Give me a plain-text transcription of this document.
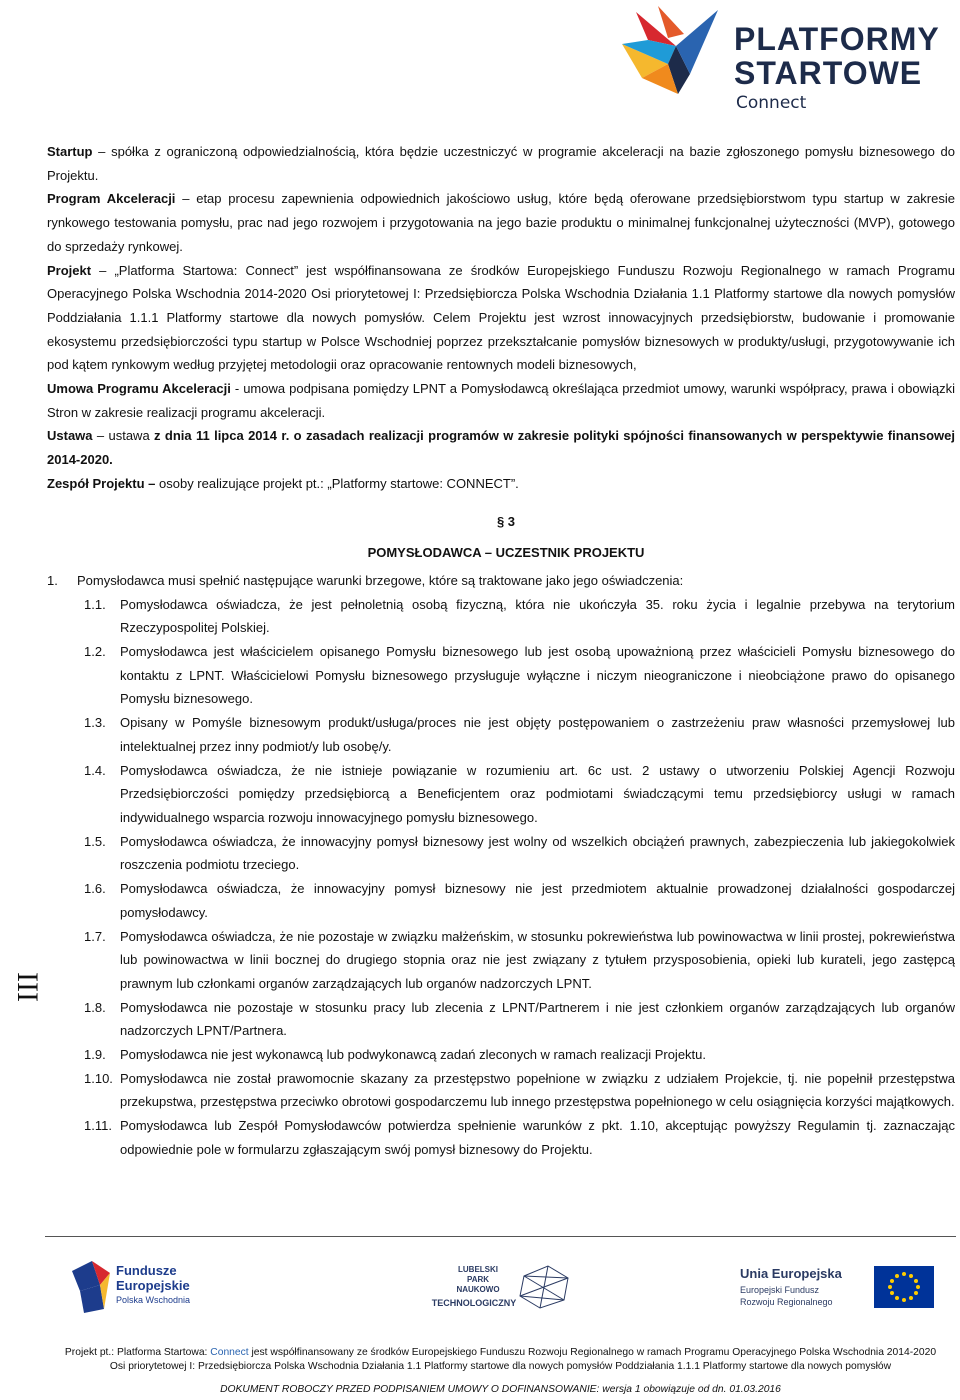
PLATFORMY
STARTOWE
Connect

Startup – spółka z ograniczoną odpowiedzialnością, która będzie uczestniczyć w programie akceleracji na bazie zgłoszonego pomysłu biznesowego do Projektu.

Program Akceleracji – etap procesu zapewnienia odpowiednich jakościowo usług, które będą oferowane przedsiębiorstwom typu startup w zakresie rynkowego testowania pomysłu, prac nad jego rozwojem i przygotowania na jego bazie produktu o minimalnej funkcjonalnej użyteczności (MVP), gotowego do sprzedaży rynkowej.

Projekt – „Platforma Startowa: Connect” jest współfinansowana ze środków Europejskiego Funduszu Rozwoju Regionalnego w ramach Programu Operacyjnego Polska Wschodnia 2014-2020 Osi priorytetowej I: Przedsiębiorcza Polska Wschodnia Działania 1.1 Platformy startowe dla nowych pomysłów Poddziałania 1.1.1 Platformy startowe dla nowych pomysłów. Celem Projektu jest wzrost innowacyjnych przedsiębiorstw, budowanie i promowanie ekosystemu przedsiębiorczości typu startup w Polsce Wschodniej poprzez przekształcanie pomysłów biznesowych w produkty/usługi, przygotowywanie ich pod kątem rynkowym według przyjętej metodologii oraz opracowanie rentownych modeli biznesowych,

Umowa Programu Akceleracji - umowa podpisana pomiędzy LPNT a Pomysłodawcą określająca przedmiot umowy, warunki współpracy, prawa i obowiązki Stron w zakresie realizacji programu akceleracji.

Ustawa – ustawa z dnia 11 lipca 2014 r. o zasadach realizacji programów w zakresie polityki spójności finansowanych w perspektywie finansowej 2014-2020.

Zespół Projektu – osoby realizujące projekt pt.: „Platformy startowe: CONNECT”.

§ 3
POMYSŁODAWCA – UCZESTNIK PROJEKTU
1. Pomysłodawca musi spełnić następujące warunki brzegowe, które są traktowane jako jego oświadczenia:
1.1. Pomysłodawca oświadcza, że jest pełnoletnią osobą fizyczną, która nie ukończyła 35. roku życia i legalnie przebywa na terytorium Rzeczypospolitej Polskiej.
1.2. Pomysłodawca jest właścicielem opisanego Pomysłu biznesowego lub jest osobą upoważnioną przez właścicieli Pomysłu biznesowego do kontaktu z LPNT. Właścicielowi Pomysłu biznesowego przysługuje wyłączne i niczym nieograniczone i nieobciążone prawo do opisanego Pomysłu biznesowego.
1.3. Opisany w Pomyśle biznesowym produkt/usługa/proces nie jest objęty postępowaniem o zastrzeżeniu praw własności przemysłowej lub intelektualnej przez inny podmiot/y lub osobę/y.
1.4. Pomysłodawca oświadcza, że nie istnieje powiązanie w rozumieniu art. 6c ust. 2 ustawy o utworzeniu Polskiej Agencji Rozwoju Przedsiębiorczości pomiędzy przedsiębiorcą a Beneficjentem oraz podmiotami świadczącymi temu przedsiębiorcy usługi w ramach indywidualnego wsparcia rozwoju innowacyjnego pomysłu biznesowego.
1.5. Pomysłodawca oświadcza, że innowacyjny pomysł biznesowy jest wolny od wszelkich obciążeń prawnych, zabezpieczenia lub jakiegokolwiek roszczenia podmiotu trzeciego.
1.6. Pomysłodawca oświadcza, że innowacyjny pomysł biznesowy nie jest przedmiotem aktualnie prowadzonej działalności gospodarczej pomysłodawcy.
1.7. Pomysłodawca oświadcza, że nie pozostaje w związku małżeńskim, w stosunku pokrewieństwa lub powinowactwa w linii prostej, pokrewieństwa lub powinowactwa w linii bocznej do drugiego stopnia oraz nie jest związany z tytułem przysposobienia, opieki lub kurateli, jego zastępcą prawnym lub członkami organów zarządzających lub organów nadzorczych LPNT.
1.8. Pomysłodawca nie pozostaje w stosunku pracy lub zlecenia z LPNT/Partnerem i nie jest członkiem organów zarządzających lub organów nadzorczych LPNT/Partnera.
1.9. Pomysłodawca nie jest wykonawcą lub podwykonawcą zadań zleconych w ramach realizacji Projektu.
1.10. Pomysłodawca nie został prawomocnie skazany za przestępstwo popełnione w związku z udziałem Projekcie, tj. nie popełnił przestępstwa przekupstwa, przestępstwa przeciwko obrotowi gospodarczemu lub innego przestępstwa popełnionego w celu osiągnięcia korzyści majątkowych.
1.11. Pomysłodawca lub Zespół Pomysłodawców potwierdza spełnienie warunków z pkt. 1.10, akceptując powyższy Regulamin tj. zaznaczając odpowiednie pole w formularzu zgłaszającym swój pomysł biznesowy do Projektu.
III
Fundusze
Europejskie
Polska Wschodnia
LUBELSKI
PARK
NAUKOWO
TECHNOLOGICZNY
Unia Europejska
Europejski Fundusz
Rozwoju Regionalnego
Projekt pt.: Platforma Startowa: Connect jest współfinansowany ze środków Europejskiego Funduszu Rozwoju Regionalnego w ramach Programu Operacyjnego Polska Wschodnia 2014-2020
Osi priorytetowej I: Przedsiębiorcza Polska Wschodnia Działania 1.1 Platformy startowe dla nowych pomysłów Poddziałania 1.1.1 Platformy startowe dla nowych pomysłów
DOKUMENT ROBOCZY PRZED PODPISANIEM UMOWY O DOFINANSOWANIE: wersja 1 obowiązuje od dn. 01.03.2016
